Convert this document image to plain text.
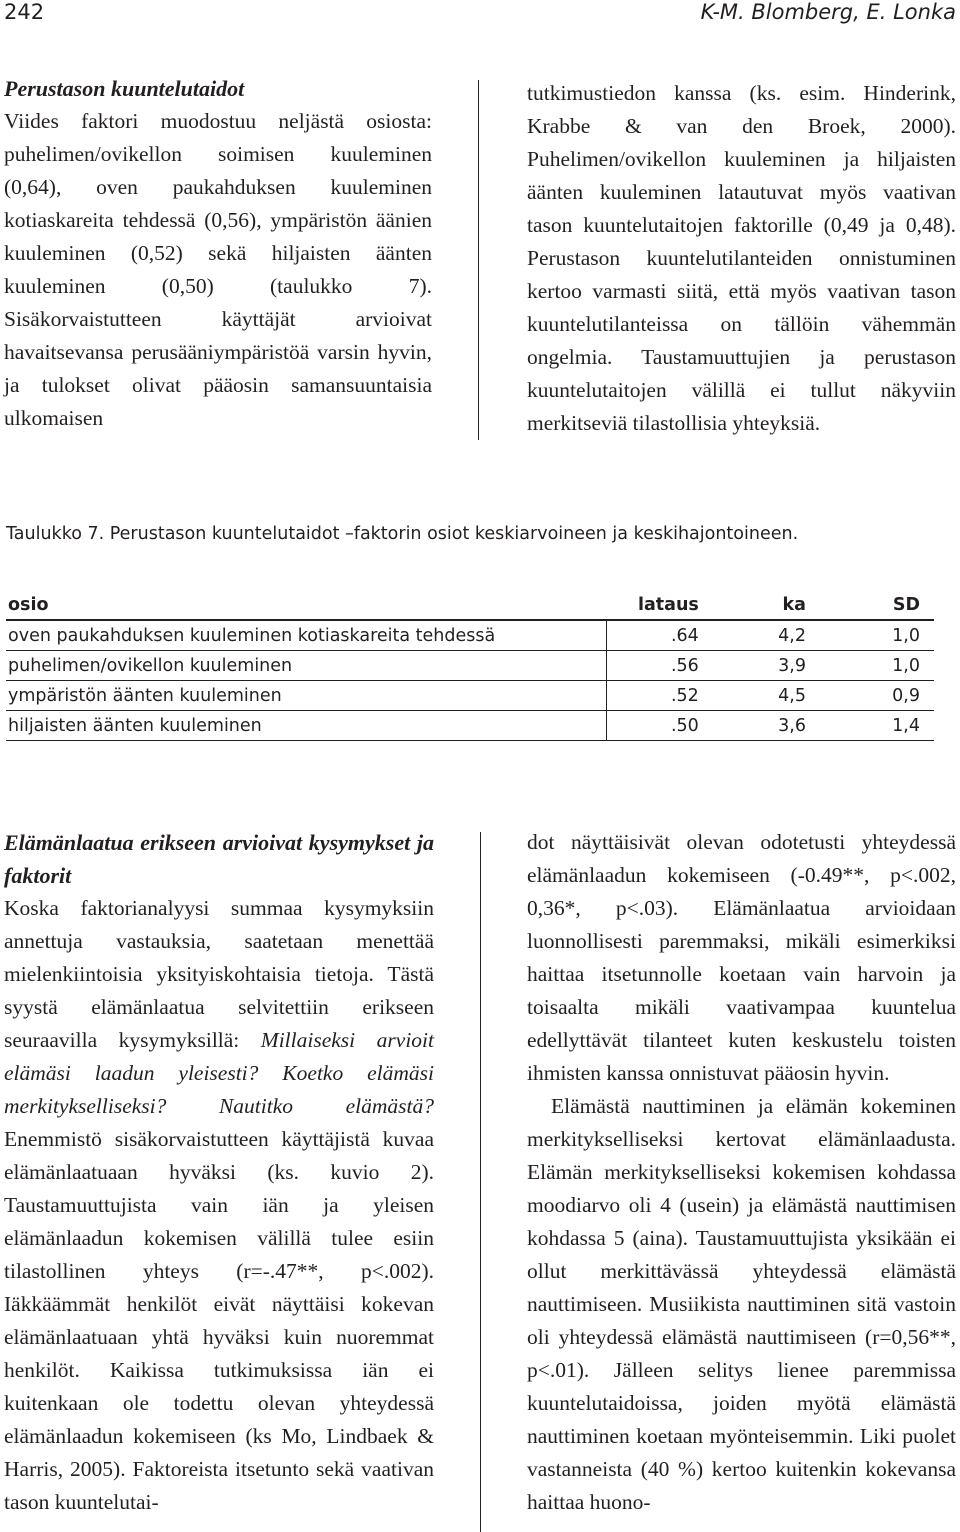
242	K-M. Blomberg, E. Lonka

Perustason kuuntelutaidot

Viides faktori muodostuu neljästä osiosta: puhelimen/ovikellon soimisen kuuleminen (0,64), oven paukahduksen kuuleminen kotiaskareita tehdessä (0,56), ympäristön äänien kuuleminen (0,52) sekä hiljaisten äänten kuuleminen (0,50) (taulukko 7). Sisäkorvaistutteen käyttäjät arvioivat havaitsevansa perusääniympäristöä varsin hyvin, ja tulokset olivat pääosin samansuuntaisia ulkomaisen

tutkimustiedon kanssa (ks. esim. Hinderink, Krabbe & van den Broek, 2000). Puhelimen/ovikellon kuuleminen ja hiljaisten äänten kuuleminen latautuvat myös vaativan tason kuuntelutaitojen faktorille (0,49 ja 0,48). Perustason kuuntelutilanteiden onnistuminen kertoo varmasti siitä, että myös vaativan tason kuuntelutilanteissa on tällöin vähemmän ongelmia. Taustamuuttujien ja perustason kuuntelutaitojen välillä ei tullut näkyviin merkitseviä tilastollisia yhteyksiä.

Taulukko 7. Perustason kuuntelutaidot –faktorin osiot keskiarvoineen ja keskihajontoineen.
osio	lataus	ka	SD
oven paukahduksen kuuleminen kotiaskareita tehdessä	.64	4,2	1,0
puhelimen/ovikellon kuuleminen	.56	3,9	1,0
ympäristön äänten kuuleminen	.52	4,5	0,9
hiljaisten äänten kuuleminen	.50	3,6	1,4

Elämänlaatua erikseen arvioivat kysymykset ja faktorit

Koska faktorianalyysi summaa kysymyksiin annettuja vastauksia, saatetaan menettää mielenkiintoisia yksityiskohtaisia tietoja. Tästä syystä elämänlaatua selvitettiin erikseen seuraavilla kysymyksillä: Millaiseksi arvioit elämäsi laadun yleisesti? Koetko elämäsi merkitykselliseksi? Nautitko elämästä? Enemmistö sisäkorvaistutteen käyttäjistä kuvaa elämänlaatuaan hyväksi (ks. kuvio 2). Taustamuuttujista vain iän ja yleisen elämänlaadun kokemisen välillä tulee esiin tilastollinen yhteys (r=-.47**, p<.002). Iäkkäämmät henkilöt eivät näyttäisi kokevan elämänlaatuaan yhtä hyväksi kuin nuoremmat henkilöt. Kaikissa tutkimuksissa iän ei kuitenkaan ole todettu olevan yhteydessä elämänlaadun kokemiseen (ks Mo, Lindbaek & Harris, 2005). Faktoreista itsetunto sekä vaativan tason kuuntelutai-

dot näyttäisivät olevan odotetusti yhteydessä elämänlaadun kokemiseen (-0.49**, p<.002, 0,36*, p<.03). Elämänlaatua arvioidaan luonnollisesti paremmaksi, mikäli esimerkiksi haittaa itsetunnolle koetaan vain harvoin ja toisaalta mikäli vaativampaa kuuntelua edellyttävät tilanteet kuten keskustelu toisten ihmisten kanssa onnistuvat pääosin hyvin.

Elämästä nauttiminen ja elämän kokeminen merkitykselliseksi kertovat elämänlaadusta. Elämän merkitykselliseksi kokemisen kohdassa moodiarvo oli 4 (usein) ja elämästä nauttimisen kohdassa 5 (aina). Taustamuuttujista yksikään ei ollut merkittävässä yhteydessä elämästä nauttimiseen. Musiikista nauttiminen sitä vastoin oli yhteydessä elämästä nauttimiseen (r=0,56**, p<.01). Jälleen selitys lienee paremmissa kuuntelutaidoissa, joiden myötä elämästä nauttiminen koetaan myönteisemmin. Liki puolet vastanneista (40 %) kertoo kuitenkin kokevansa haittaa huono-
